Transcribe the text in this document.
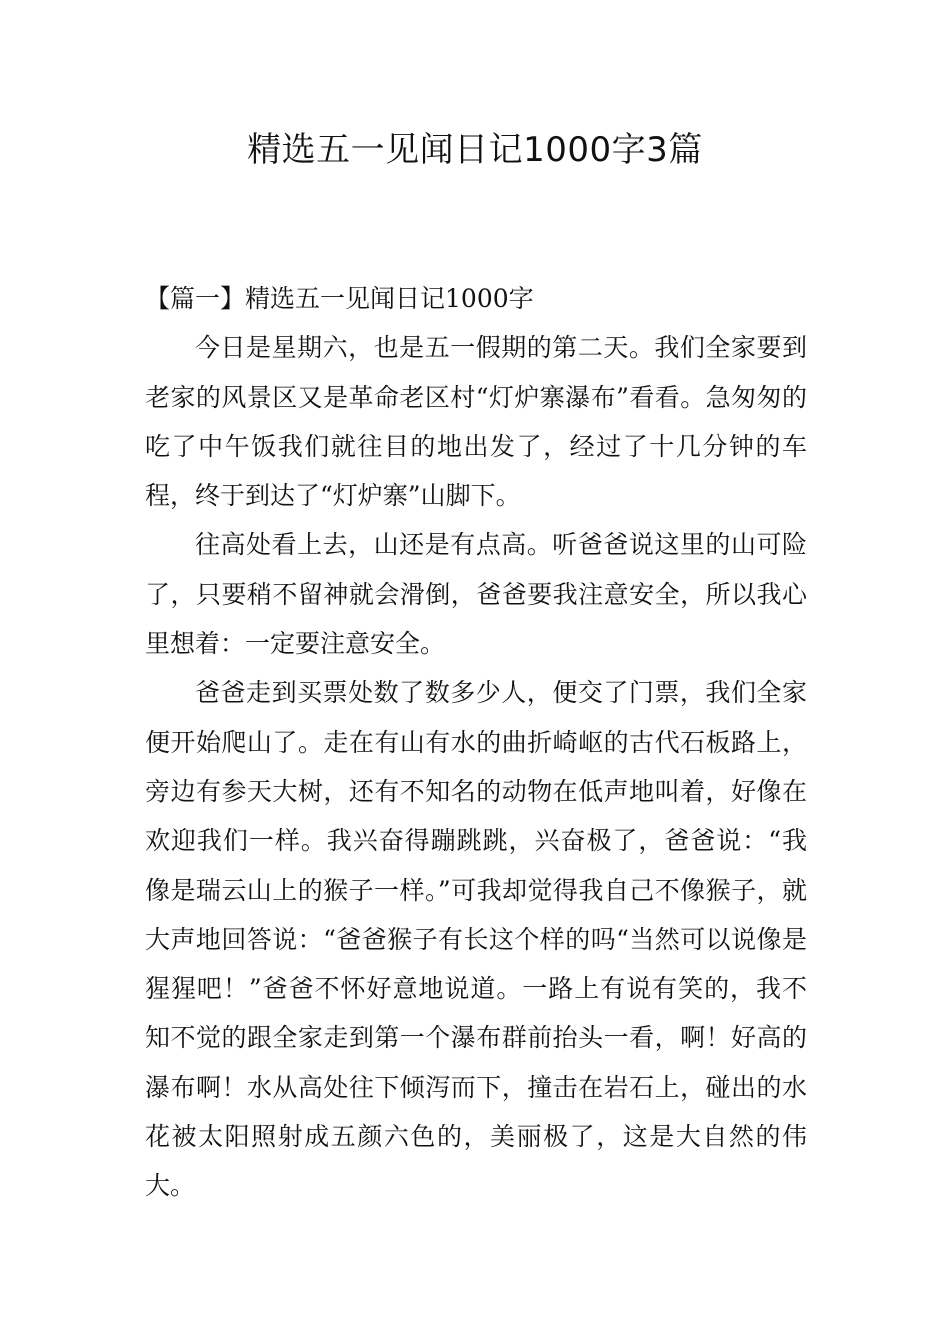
精选五一见闻日记1000字3篇
【篇一】精选五一见闻日记1000字

今日是星期六，也是五一假期的第二天。我们全家要到老家的风景区又是革命老区村“灯炉寨瀑布”看看。急匆匆的吃了中午饭我们就往目的地出发了，经过了十几分钟的车程，终于到达了“灯炉寨”山脚下。

往高处看上去，山还是有点高。听爸爸说这里的山可险了，只要稍不留神就会滑倒，爸爸要我注意安全，所以我心里想着：一定要注意安全。

爸爸走到买票处数了数多少人，便交了门票，我们全家便开始爬山了。走在有山有水的曲折崎岖的古代石板路上，旁边有参天大树，还有不知名的动物在低声地叫着，好像在欢迎我们一样。我兴奋得蹦跳跳，兴奋极了，爸爸说：“我像是瑞云山上的猴子一样。”可我却觉得我自己不像猴子，就大声地回答说：“爸爸猴子有长这个样的吗“当然可以说像是猩猩吧！”爸爸不怀好意地说道。一路上有说有笑的，我不知不觉的跟全家走到第一个瀑布群前抬头一看，啊！好高的瀑布啊！水从高处往下倾泻而下，撞击在岩石上，碰出的水花被太阳照射成五颜六色的，美丽极了，这是大自然的伟大。
